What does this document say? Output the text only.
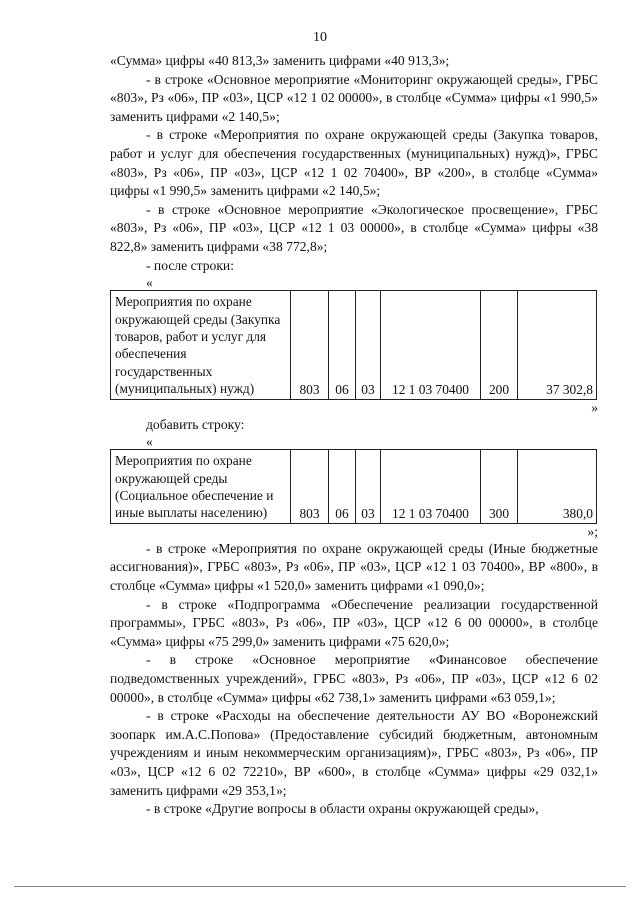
10
«Сумма» цифры «40 813,3» заменить цифрами «40 913,3»;
- в строке «Основное мероприятие «Мониторинг окружающей среды», ГРБС «803», Рз «06», ПР «03», ЦСР «12 1 02 00000», в столбце «Сумма» цифры «1 990,5» заменить цифрами «2 140,5»;
- в строке «Мероприятия по охране окружающей среды (Закупка товаров, работ и услуг для обеспечения государственных (муниципальных) нужд)», ГРБС «803», Рз «06», ПР «03», ЦСР «12 1 02 70400», ВР «200», в столбце «Сумма» цифры «1 990,5» заменить цифрами «2 140,5»;
- в строке «Основное мероприятие «Экологическое просвещение», ГРБС «803», Рз «06», ПР «03», ЦСР «12 1 03 00000», в столбце «Сумма» цифры «38 822,8» заменить цифрами «38 772,8»;
- после строки:
«
Мероприятия по охране окружающей среды (Закупка товаров, работ и услуг для обеспечения государственных (муниципальных) нужд)	803	06	03	12 1 03 70400	200	37 302,8
»
добавить строку:
«
Мероприятия по охране окружающей среды (Социальное обеспечение и иные выплаты населению)	803	06	03	12 1 03 70400	300	380,0
»;
- в строке «Мероприятия по охране окружающей среды (Иные бюджетные ассигнования)», ГРБС «803», Рз «06», ПР «03», ЦСР «12 1 03 70400», ВР «800», в столбце «Сумма» цифры «1 520,0» заменить цифрами «1 090,0»;
- в строке «Подпрограмма «Обеспечение реализации государственной программы», ГРБС «803», Рз «06», ПР «03», ЦСР «12 6 00 00000», в столбце «Сумма» цифры «75 299,0» заменить цифрами «75 620,0»;
- в строке «Основное мероприятие «Финансовое обеспечение подведомственных учреждений», ГРБС «803», Рз «06», ПР «03», ЦСР «12 6 02 00000», в столбце «Сумма» цифры «62 738,1» заменить цифрами «63 059,1»;
- в строке «Расходы на обеспечение деятельности АУ ВО «Воронежский зоопарк им.А.С.Попова» (Предоставление субсидий бюджетным, автономным учреждениям и иным некоммерческим организациям)», ГРБС «803», Рз «06», ПР «03», ЦСР «12 6 02 72210», ВР «600», в столбце «Сумма» цифры «29 032,1» заменить цифрами «29 353,1»;
- в строке «Другие вопросы в области охраны окружающей среды»,
